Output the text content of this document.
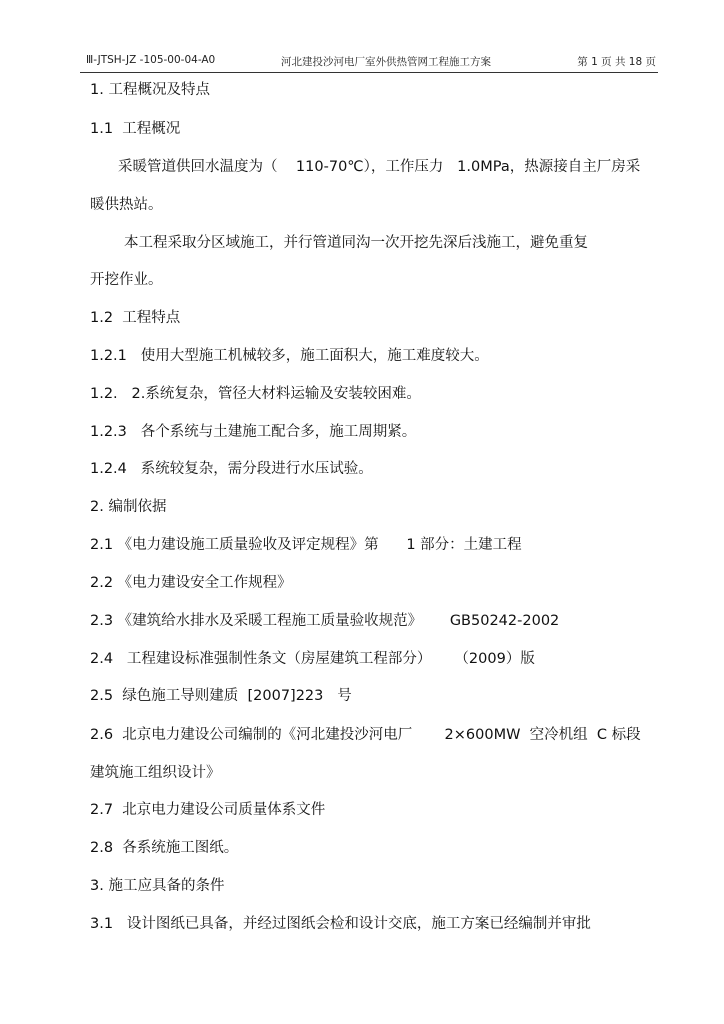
Ⅲ-JTSH-JZ -105-00-04-A0	河北建投沙河电厂室外供热管网工程施工方案	第 1 页 共 18 页
1. 工程概况及特点
1.1  工程概况
采暖管道供回水温度为（    110-70℃），工作压力   1.0MPa，热源接自主厂房采
暖供热站。
本工程采取分区域施工，并行管道同沟一次开挖先深后浅施工，避免重复
开挖作业。
1.2  工程特点
1.2.1   使用大型施工机械较多，施工面积大，施工难度较大。
1.2.   2.系统复杂，管径大材料运输及安装较困难。
1.2.3   各个系统与土建施工配合多，施工周期紧。
1.2.4   系统较复杂，需分段进行水压试验。
2. 编制依据
2.1 《电力建设施工质量验收及评定规程》第      1 部分：土建工程
2.2 《电力建设安全工作规程》
2.3 《建筑给水排水及采暖工程施工质量验收规范》      GB50242-2002
2.4   工程建设标准强制性条文（房屋建筑工程部分）     （2009）版
2.5  绿色施工导则建质  [2007]223   号
2.6  北京电力建设公司编制的《河北建投沙河电厂       2×600MW  空冷机组  C 标段
建筑施工组织设计》
2.7  北京电力建设公司质量体系文件
2.8  各系统施工图纸。
3. 施工应具备的条件
3.1   设计图纸已具备，并经过图纸会检和设计交底，施工方案已经编制并审批
